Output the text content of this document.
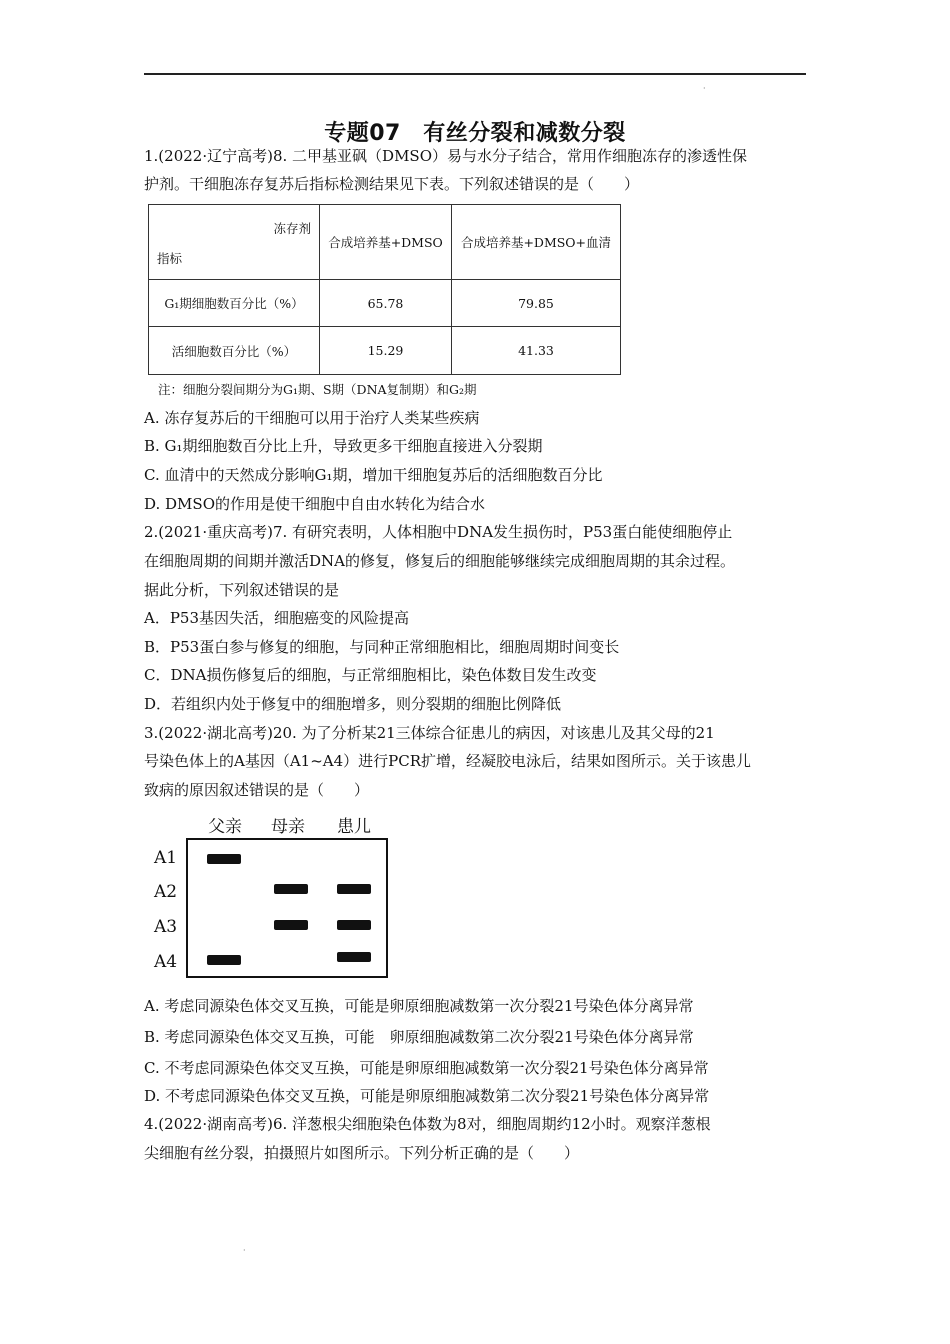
·
专题07　有丝分裂和减数分裂
1.(2022·辽宁高考)8. 二甲基亚砜（DMSO）易与水分子结合，常用作细胞冻存的渗透性保
护剂。干细胞冻存复苏后指标检测结果见下表。下列叙述错误的是（　　）
冻存剂
指标	合成培养基+DMSO	合成培养基+DMSO+血清
G₁期细胞数百分比（%）	65.78	79.85
活细胞数百分比（%）	15.29	41.33
注：细胞分裂间期分为G₁期、S期（DNA复制期）和G₂期
A. 冻存复苏后的干细胞可以用于治疗人类某些疾病
B. G₁期细胞数百分比上升，导致更多干细胞直接进入分裂期
C. 血清中的天然成分影响G₁期，增加干细胞复苏后的活细胞数百分比
D. DMSO的作用是使干细胞中自由水转化为结合水
2.(2021·重庆高考)7. 有研究表明，人体相胞中DNA发生损伤时，P53蛋白能使细胞停止
在细胞周期的间期并激活DNA的修复，修复后的细胞能够继续完成细胞周期的其余过程。
据此分析，下列叙述错误的是
A．P53基因失活，细胞癌变的风险提高
B．P53蛋白参与修复的细胞，与同种正常细胞相比，细胞周期时间变长
C．DNA损伤修复后的细胞，与正常细胞相比，染色体数目发生改变
D．若组织内处于修复中的细胞增多，则分裂期的细胞比例降低
3.(2022·湖北高考)20. 为了分析某21三体综合征患儿的病因，对该患儿及其父母的21
号染色体上的A基因（A1~A4）进行PCR扩增，经凝胶电泳后，结果如图所示。关于该患儿
致病的原因叙述错误的是（　　）
父亲 母亲 患儿
A1
A2
A3
A4
A. 考虑同源染色体交叉互换，可能是卵原细胞减数第一次分裂21号染色体分离异常
B. 考虑同源染色体交叉互换，可能　卵原细胞减数第二次分裂21号染色体分离异常
C. 不考虑同源染色体交叉互换，可能是卵原细胞减数第一次分裂21号染色体分离异常
D. 不考虑同源染色体交叉互换，可能是卵原细胞减数第二次分裂21号染色体分离异常
4.(2022·湖南高考)6. 洋葱根尖细胞染色体数为8对，细胞周期约12小时。观察洋葱根
尖细胞有丝分裂，拍摄照片如图所示。下列分析正确的是（　　）
·
